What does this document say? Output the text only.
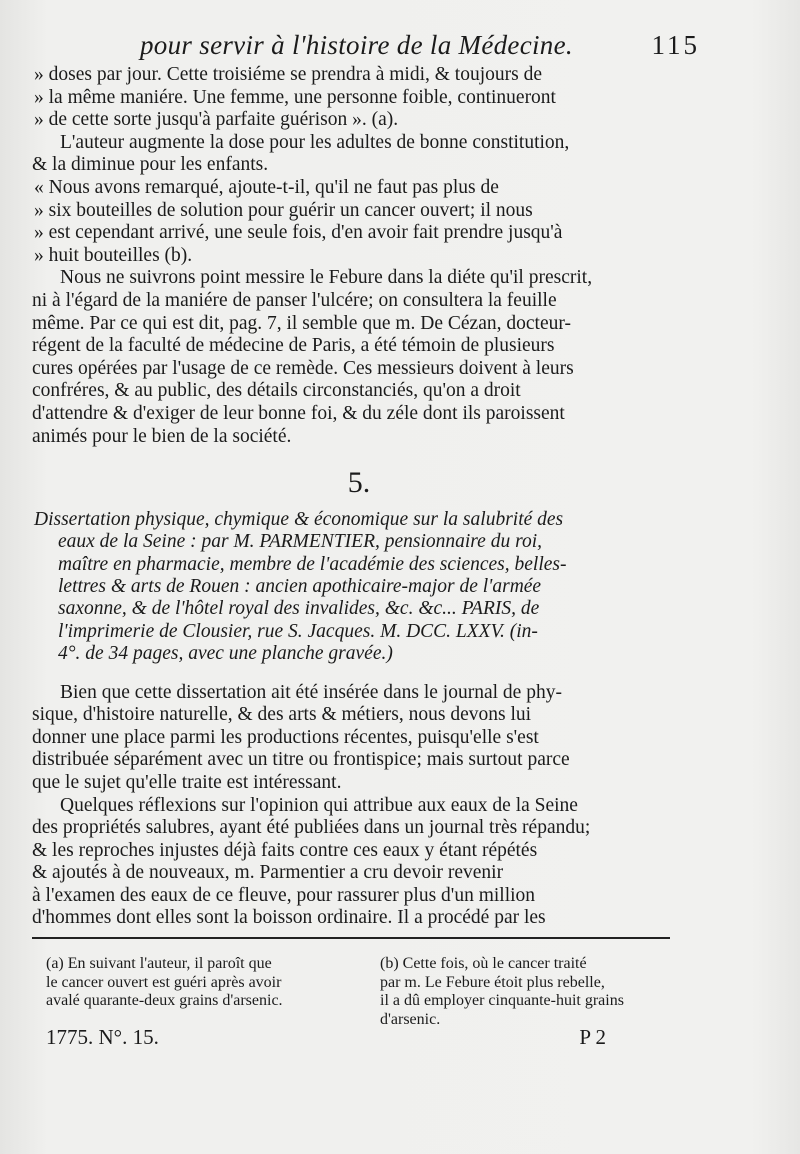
pour servir à l'histoire de la Médecine.	115

» doses par jour. Cette troisiéme se prendra à midi, & toujours de
» la même maniére. Une femme, une personne foible, continueront
» de cette sorte jusqu'à parfaite guérison ». (a).

L'auteur augmente la dose pour les adultes de bonne constitution,
& la diminue pour les enfants.

« Nous avons remarqué, ajoute-t-il, qu'il ne faut pas plus de
» six bouteilles de solution pour guérir un cancer ouvert; il nous
» est cependant arrivé, une seule fois, d'en avoir fait prendre jusqu'à
» huit bouteilles (b).

Nous ne suivrons point messire le Febure dans la diéte qu'il prescrit,
ni à l'égard de la maniére de panser l'ulcére; on consultera la feuille
même. Par ce qui est dit, pag. 7, il semble que m. De Cézan, docteur-
régent de la faculté de médecine de Paris, a été témoin de plusieurs
cures opérées par l'usage de ce remède. Ces messieurs doivent à leurs
confréres, & au public, des détails circonstanciés, qu'on a droit
d'attendre & d'exiger de leur bonne foi, & du zéle dont ils paroissent
animés pour le bien de la société.

5.
Dissertation physique, chymique & économique sur la salubrité des
eaux de la Seine : par M. PARMENTIER, pensionnaire du roi,
maître en pharmacie, membre de l'académie des sciences, belles-
lettres & arts de Rouen : ancien apothicaire-major de l'armée
saxonne, & de l'hôtel royal des invalides, &c. &c... PARIS, de
l'imprimerie de Clousier, rue S. Jacques. M. DCC. LXXV. (in-
4°. de 34 pages, avec une planche gravée.)

Bien que cette dissertation ait été insérée dans le journal de phy-
sique, d'histoire naturelle, & des arts & métiers, nous devons lui
donner une place parmi les productions récentes, puisqu'elle s'est
distribuée séparément avec un titre ou frontispice; mais surtout parce
que le sujet qu'elle traite est intéressant.

Quelques réflexions sur l'opinion qui attribue aux eaux de la Seine
des propriétés salubres, ayant été publiées dans un journal très répandu;
& les reproches injustes déjà faits contre ces eaux y étant répétés
& ajoutés à de nouveaux, m. Parmentier a cru devoir revenir
à l'examen des eaux de ce fleuve, pour rassurer plus d'un million
d'hommes dont elles sont la boisson ordinaire. Il a procédé par les

(a) En suivant l'auteur, il paroît que
le cancer ouvert est guéri après avoir
avalé quarante-deux grains d'arsenic.
(b) Cette fois, où le cancer traité
par m. Le Febure étoit plus rebelle,
il a dû employer cinquante-huit grains
d'arsenic.
1775. N°. 15.	P 2
